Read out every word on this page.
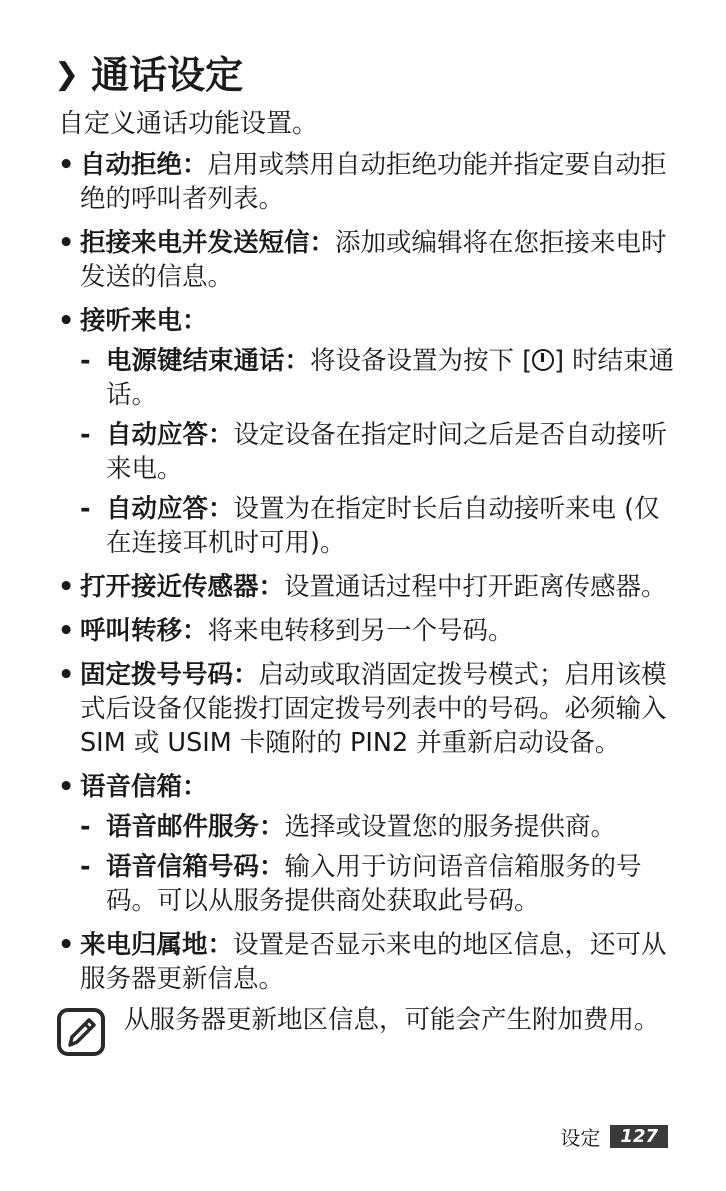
❯ 通话设定
自定义通话功能设置。
• 自动拒绝：启用或禁用自动拒绝功能并指定要自动拒绝的呼叫者列表。
• 拒接来电并发送短信：添加或编辑将在您拒接来电时发送的信息。
• 接听来电：
- 电源键结束通话：将设备设置为按下 [ ] 时结束通话。
- 自动应答：设定设备在指定时间之后是否自动接听来电。
- 自动应答：设置为在指定时长后自动接听来电 (仅在连接耳机时可用)。
• 打开接近传感器：设置通话过程中打开距离传感器。
• 呼叫转移：将来电转移到另一个号码。
• 固定拨号号码：启动或取消固定拨号模式；启用该模式后设备仅能拨打固定拨号列表中的号码。必须输入 SIM 或 USIM 卡随附的 PIN2 并重新启动设备。
• 语音信箱：
- 语音邮件服务：选择或设置您的服务提供商。
- 语音信箱号码：输入用于访问语音信箱服务的号码。可以从服务提供商处获取此号码。
• 来电归属地：设置是否显示来电的地区信息，还可从服务器更新信息。
从服务器更新地区信息，可能会产生附加费用。
设定	127
